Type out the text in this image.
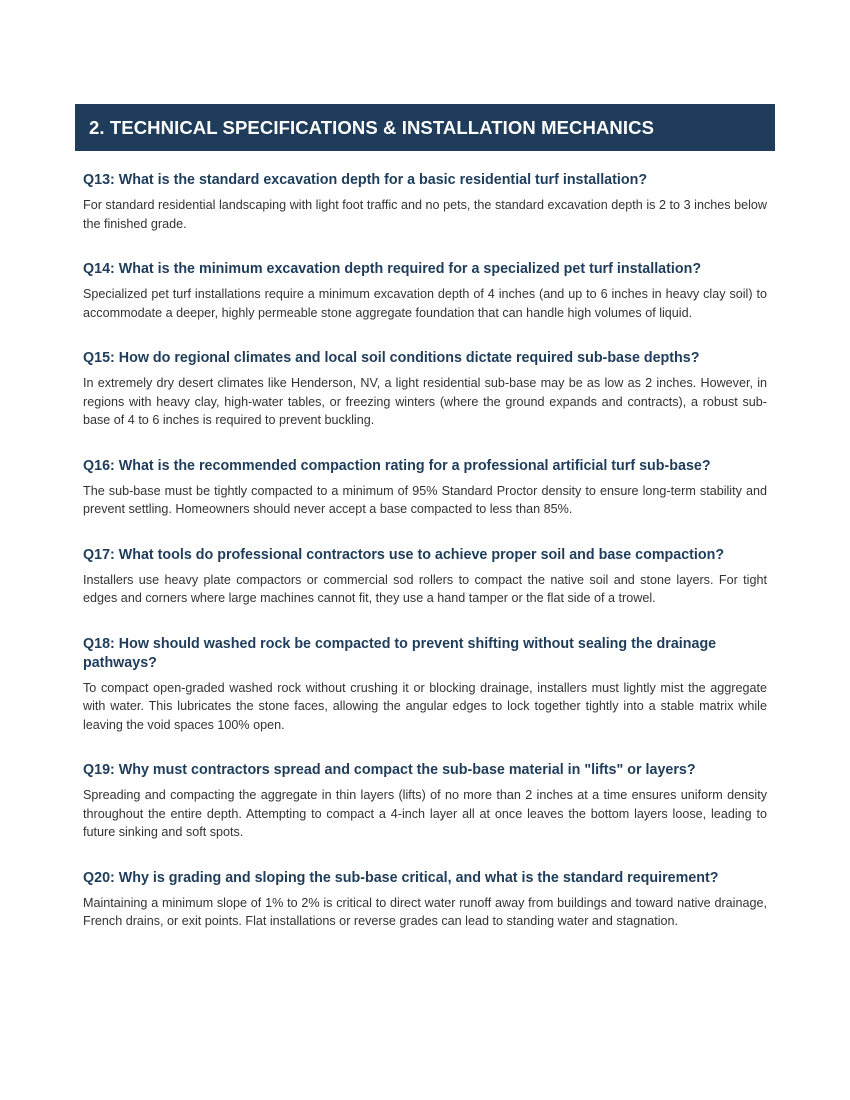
2. TECHNICAL SPECIFICATIONS & INSTALLATION MECHANICS
Q13: What is the standard excavation depth for a basic residential turf installation?

For standard residential landscaping with light foot traffic and no pets, the standard excavation depth is 2 to 3 inches below the finished grade.

Q14: What is the minimum excavation depth required for a specialized pet turf installation?

Specialized pet turf installations require a minimum excavation depth of 4 inches (and up to 6 inches in heavy clay soil) to accommodate a deeper, highly permeable stone aggregate foundation that can handle high volumes of liquid.

Q15: How do regional climates and local soil conditions dictate required sub-base depths?

In extremely dry desert climates like Henderson, NV, a light residential sub-base may be as low as 2 inches. However, in regions with heavy clay, high-water tables, or freezing winters (where the ground expands and contracts), a robust sub-base of 4 to 6 inches is required to prevent buckling.

Q16: What is the recommended compaction rating for a professional artificial turf sub-base?

The sub-base must be tightly compacted to a minimum of 95% Standard Proctor density to ensure long-term stability and prevent settling. Homeowners should never accept a base compacted to less than 85%.

Q17: What tools do professional contractors use to achieve proper soil and base compaction?

Installers use heavy plate compactors or commercial sod rollers to compact the native soil and stone layers. For tight edges and corners where large machines cannot fit, they use a hand tamper or the flat side of a trowel.

Q18: How should washed rock be compacted to prevent shifting without sealing the drainage pathways?

To compact open-graded washed rock without crushing it or blocking drainage, installers must lightly mist the aggregate with water. This lubricates the stone faces, allowing the angular edges to lock together tightly into a stable matrix while leaving the void spaces 100% open.

Q19: Why must contractors spread and compact the sub-base material in "lifts" or layers?

Spreading and compacting the aggregate in thin layers (lifts) of no more than 2 inches at a time ensures uniform density throughout the entire depth. Attempting to compact a 4-inch layer all at once leaves the bottom layers loose, leading to future sinking and soft spots.

Q20: Why is grading and sloping the sub-base critical, and what is the standard requirement?

Maintaining a minimum slope of 1% to 2% is critical to direct water runoff away from buildings and toward native drainage, French drains, or exit points. Flat installations or reverse grades can lead to standing water and stagnation.
